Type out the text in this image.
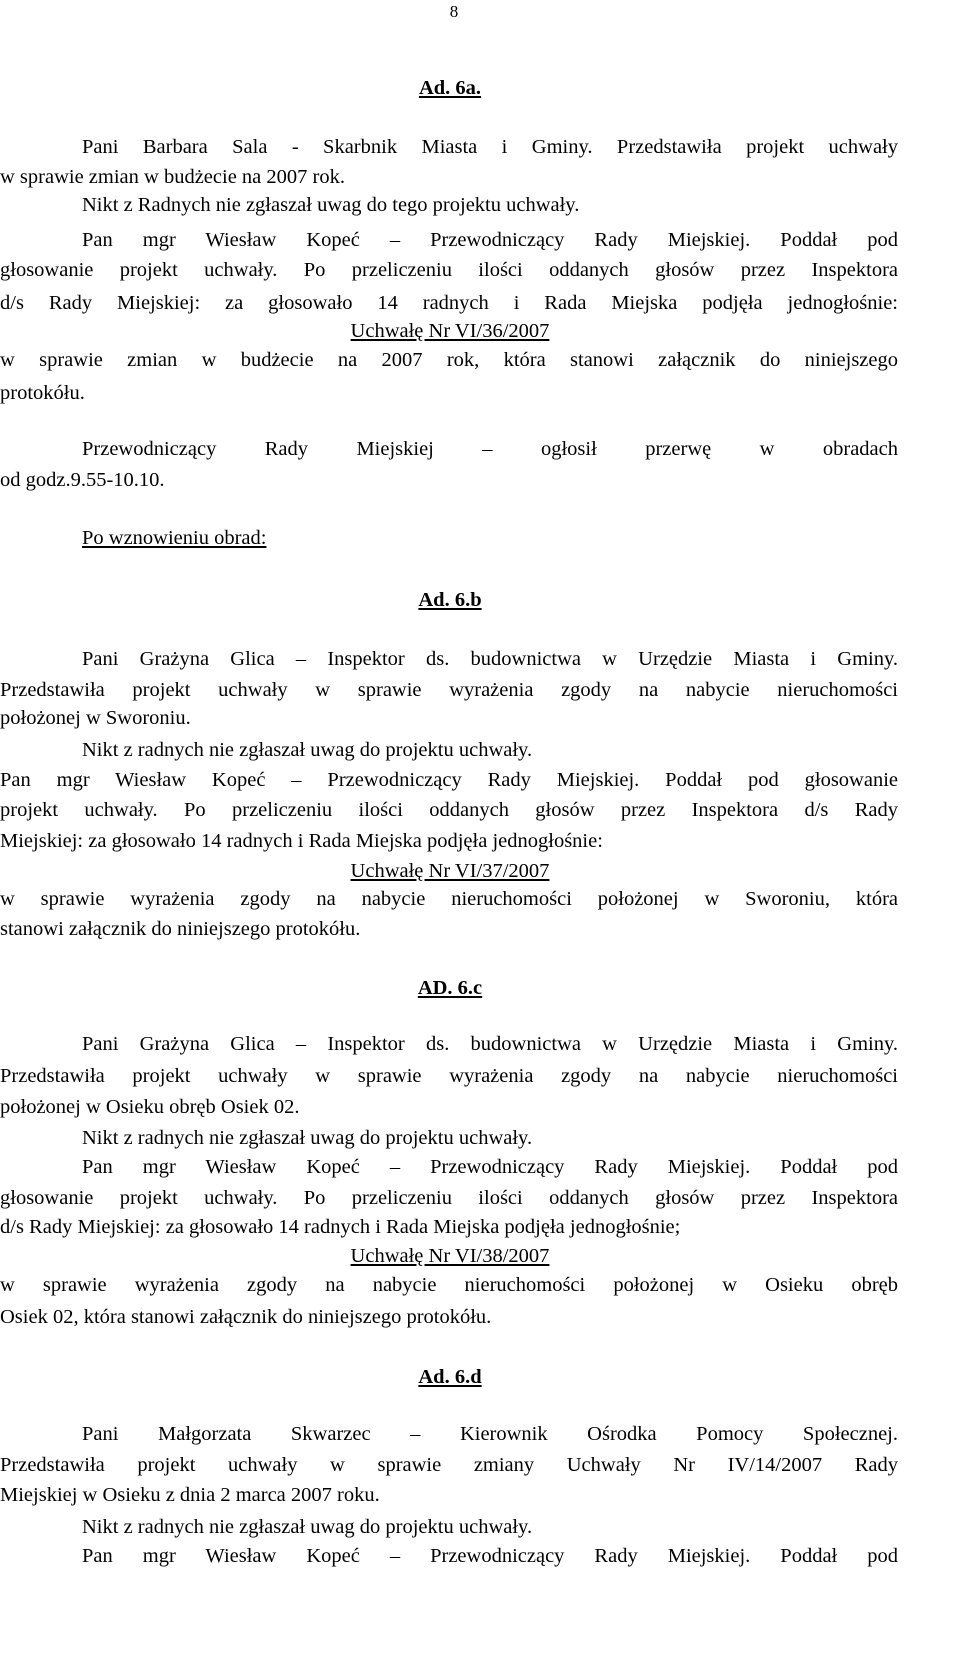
8
Ad. 6a.
Pani Barbara Sala - Skarbnik Miasta i Gminy. Przedstawiła projekt uchwały
w sprawie zmian w budżecie na 2007 rok.
Nikt z Radnych nie zgłaszał uwag do tego projektu uchwały.
Pan mgr Wiesław Kopeć – Przewodniczący Rady Miejskiej. Poddał pod
głosowanie projekt uchwały. Po przeliczeniu ilości oddanych głosów przez Inspektora
d/s Rady Miejskiej: za głosowało 14 radnych i Rada Miejska podjęła jednogłośnie:
Uchwałę Nr VI/36/2007
w sprawie zmian w budżecie na 2007 rok, która stanowi załącznik do niniejszego
protokółu.
Przewodniczący Rady Miejskiej – ogłosił przerwę w obradach
od godz.9.55-10.10.
Po wznowieniu obrad:
Ad. 6.b
Pani Grażyna Glica – Inspektor ds. budownictwa w Urzędzie Miasta i Gminy.
Przedstawiła projekt uchwały w sprawie wyrażenia zgody na nabycie nieruchomości
położonej w Sworoniu.
Nikt z radnych nie zgłaszał uwag do projektu uchwały.
Pan mgr Wiesław Kopeć – Przewodniczący Rady Miejskiej. Poddał pod głosowanie
projekt uchwały. Po przeliczeniu ilości oddanych głosów przez Inspektora d/s Rady
Miejskiej: za głosowało 14 radnych i Rada Miejska podjęła jednogłośnie:
Uchwałę Nr VI/37/2007
w sprawie wyrażenia zgody na nabycie nieruchomości położonej w Sworoniu, która
stanowi załącznik do niniejszego protokółu.
AD. 6.c
Pani Grażyna Glica – Inspektor ds. budownictwa w Urzędzie Miasta i Gminy.
Przedstawiła projekt uchwały w sprawie wyrażenia zgody na nabycie nieruchomości
położonej w Osieku obręb Osiek 02.
Nikt z radnych nie zgłaszał uwag do projektu uchwały.
Pan mgr Wiesław Kopeć – Przewodniczący Rady Miejskiej. Poddał pod
głosowanie projekt uchwały. Po przeliczeniu ilości oddanych głosów przez Inspektora
d/s Rady Miejskiej: za głosowało 14 radnych i Rada Miejska podjęła jednogłośnie;
Uchwałę Nr VI/38/2007
w sprawie wyrażenia zgody na nabycie nieruchomości położonej w Osieku obręb
Osiek 02, która stanowi załącznik do niniejszego protokółu.
Ad. 6.d
Pani Małgorzata Skwarzec – Kierownik Ośrodka Pomocy Społecznej.
Przedstawiła projekt uchwały w sprawie zmiany Uchwały Nr IV/14/2007 Rady
Miejskiej w Osieku z dnia 2 marca 2007 roku.
Nikt z radnych nie zgłaszał uwag do projektu uchwały.
Pan mgr Wiesław Kopeć – Przewodniczący Rady Miejskiej. Poddał pod
